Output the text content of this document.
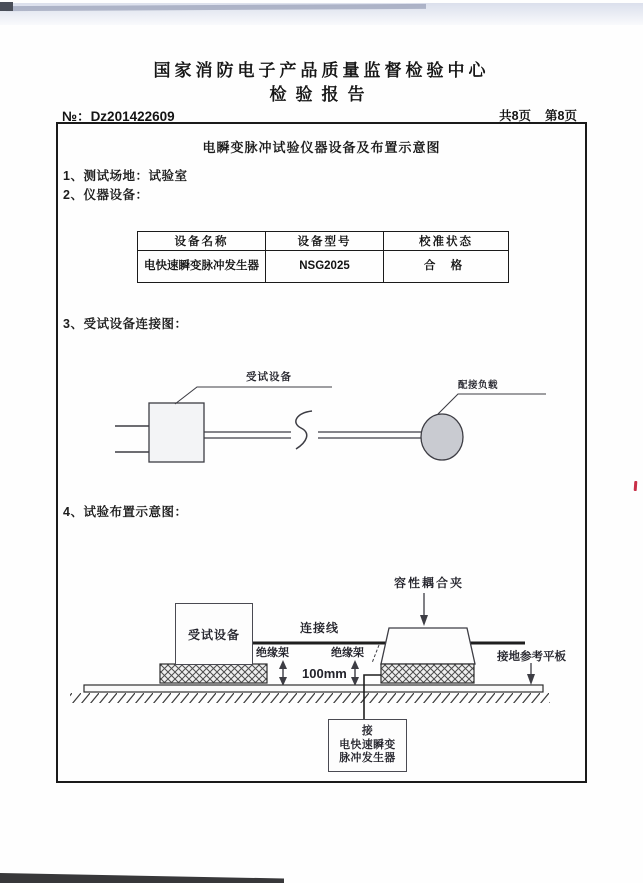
国家消防电子产品质量监督检验中心
检验报告
№：Dz201422609	共8页 第8页
电瞬变脉冲试验仪器设备及布置示意图
1、测试场地：试验室
2、仪器设备：
3、受试设备连接图：
4、试验布置示意图：
设备名称	设备型号	校准状态
电快速瞬变脉冲发生器	NSG2025	合 格
受试设备
配接负载
容性耦合夹
受试设备	连接线
绝缘架	绝缘架
100mm
接地参考平板
接
电快速瞬变
脉冲发生器
